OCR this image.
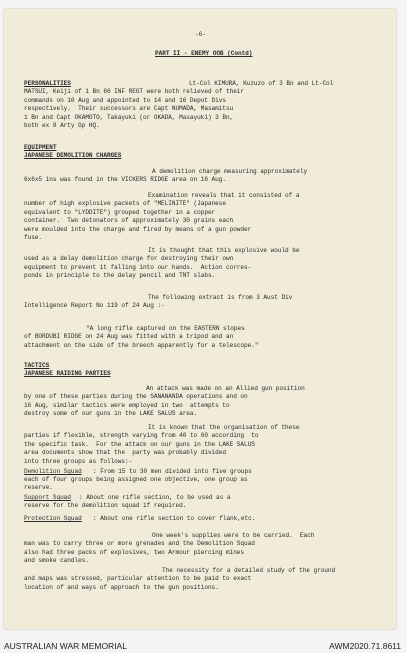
-6-

PART II - ENEMY OOB (Contd)

PERSONALITIES	Lt-Col KIMURA, Kuzuzo of 3 Bn and Lt-Col

MATSUI, Keiji of 1 Bn 66 INF REGT were both relieved of their

commands on 10 Aug and appointed to 14 and 16 Depot Divs

respectively.  Their successors are Capt NUMADA, Masamitsu

1 Bn and Capt OKAMOTO, Takayuki (or OKADA, Masayuki) 3 Bn,

both ex 8 Arty Gp HQ.

EQUIPMENT

JAPANESE DEMOLITION CHARGES

A demolition charge measuring approximately

6x6x5 ins was found in the VICKERS RIDGE area on 16 Aug.

Examination reveals that it consisted of a

number of high explosive packets of "MELINITE" (Japanese

equivalent to "LYDDITE") grouped together in a copper

container.  Two detonators of approximately 30 grains each

were moulded into the charge and fired by means of a gun powder

fuse.

It is thought that this explosive would be

used as a delay demolition charge for destroying their own

equipment to prevent it falling into our hands.  Action corres-

ponds in principle to the delay pencil and TNT slabs.

The following extract is from 3 Aust Div

Intelligence Report No 119 of 24 Aug :-

"A long rifle captured on the EASTERN slopes

of BORDUBI RIDGE on 24 Aug was fitted with a tripod and an

attachment on the side of the breech apparently for a telescope."

TACTICS

JAPANESE RAIDING PARTIES

An attack was made on an Allied gun position

by one of these parties during the SANANANDA operations and on

16 Aug, similar tactics were employed in two  attempts to

destroy some of our guns in the LAKE SALUS area.

It is known that the organisation of these

parties if flexible, strength varying from 40 to 60 according  to

the specific task.  For the attack on our guns in the LAKE SALUS

area documents show that the  party was probably divided

into three groups as follows:-

Demolition Squad : From 15 to 30 men divided into five groups

each of four groups being assigned one objective, one group as

reserve.

Support Squad : About one rifle section, to be used as a

reserve for the demolition squad if required.

Protection Squad : About one rifle section to cover flank,etc.

One week's supplies were to be carried.  Each

man was to carry three or more grenades and the Demolition Squad

also had three packs of explosives, two Armour piercing mines

and smoke candles.

The necessity for a detailed study of the ground

and maps was stressed, particular attention to be paid to exact

location of and ways of approach to the gun positions.

AUSTRALIAN WAR MEMORIAL	AWM2020.71.8611
